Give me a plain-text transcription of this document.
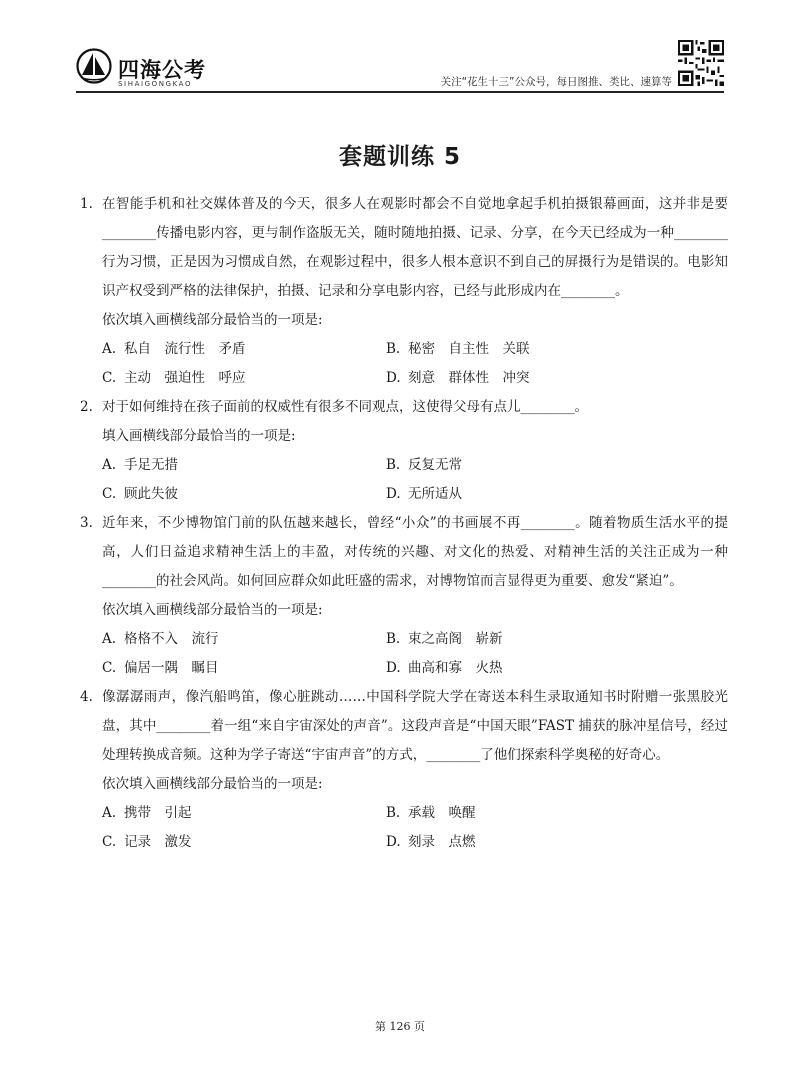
四海公考
SIHAIGONGKAO	关注“花生十三”公众号，每日图推、类比、速算等
套题训练 5
1. 在智能手机和社交媒体普及的今天，很多人在观影时都会不自觉地拿起手机拍摄银幕画面，这并非是要________传播电影内容，更与制作盗版无关，随时随地拍摄、记录、分享，在今天已经成为一种________行为习惯，正是因为习惯成自然，在观影过程中，很多人根本意识不到自己的屏摄行为是错误的。电影知识产权受到严格的法律保护，拍摄、记录和分享电影内容，已经与此形成内在________。
依次填入画横线部分最恰当的一项是:
A. 私自　流行性　矛盾	B. 秘密　自主性　关联
C. 主动　强迫性　呼应	D. 刻意　群体性　冲突
2. 对于如何维持在孩子面前的权威性有很多不同观点，这使得父母有点儿________。
填入画横线部分最恰当的一项是:
A. 手足无措	B. 反复无常
C. 顾此失彼	D. 无所适从
3. 近年来，不少博物馆门前的队伍越来越长，曾经“小众”的书画展不再________。随着物质生活水平的提高，人们日益追求精神生活上的丰盈，对传统的兴趣、对文化的热爱、对精神生活的关注正成为一种________的社会风尚。如何回应群众如此旺盛的需求，对博物馆而言显得更为重要、愈发“紧迫”。
依次填入画横线部分最恰当的一项是:
A. 格格不入　流行	B. 束之高阁　崭新
C. 偏居一隅　瞩目	D. 曲高和寡　火热
4. 像潺潺雨声，像汽船鸣笛，像心脏跳动……中国科学院大学在寄送本科生录取通知书时附赠一张黑胶光盘，其中________着一组“来自宇宙深处的声音”。这段声音是“中国天眼”FAST 捕获的脉冲星信号，经过处理转换成音频。这种为学子寄送“宇宙声音”的方式，________了他们探索科学奥秘的好奇心。
依次填入画横线部分最恰当的一项是:
A. 携带　引起	B. 承载　唤醒
C. 记录　激发	D. 刻录　点燃
第 126 页
